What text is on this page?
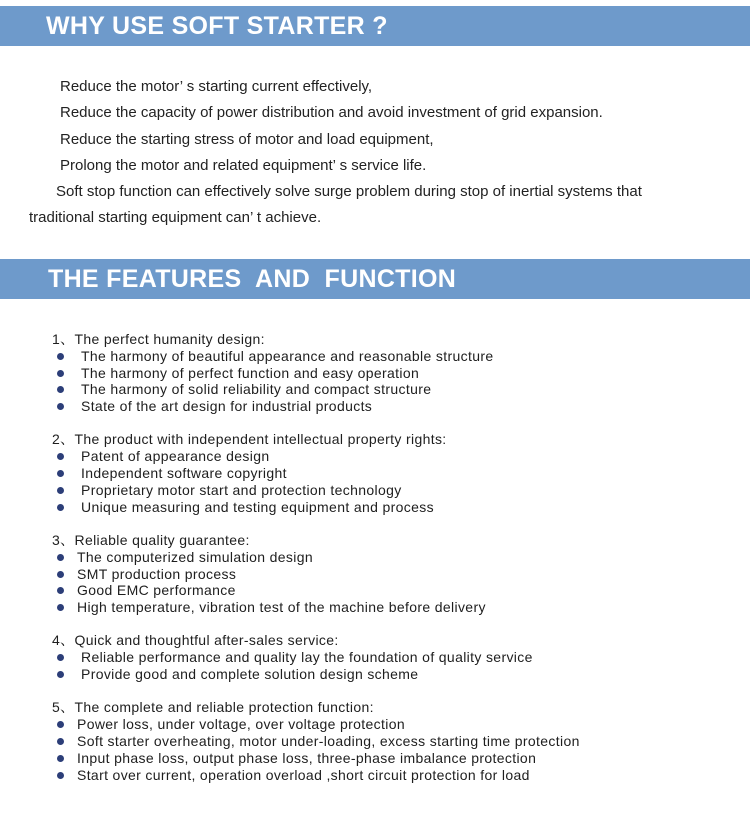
WHY USE SOFT STARTER ?

Reduce the motor’ s starting current effectively,

Reduce the capacity of power distribution and avoid investment of grid expansion.

Reduce the starting stress of motor and load equipment,

Prolong the motor and related equipment’ s service life.

Soft stop function can effectively solve surge problem during stop of inertial systems that

traditional starting equipment can’ t achieve.

THE FEATURES  AND  FUNCTION
1、The perfect humanity design:
The harmony of beautiful appearance and reasonable structure
The harmony of perfect function and easy operation
The harmony of solid reliability and compact structure
State of the art design for industrial products
2、The product with independent intellectual property rights:
Patent of appearance design
Independent software copyright
Proprietary motor start and protection technology
Unique measuring and testing equipment and process
3、Reliable quality guarantee:
The computerized simulation design
SMT production process
Good EMC performance
High temperature, vibration test of the machine before delivery
4、Quick and thoughtful after-sales service:
Reliable performance and quality lay the foundation of quality service
Provide good and complete solution design scheme
5、The complete and reliable protection function:
Power loss, under voltage, over voltage protection
Soft starter overheating, motor under-loading, excess starting time protection
Input phase loss, output phase loss, three-phase imbalance protection
Start over current, operation overload ,short circuit protection for load
